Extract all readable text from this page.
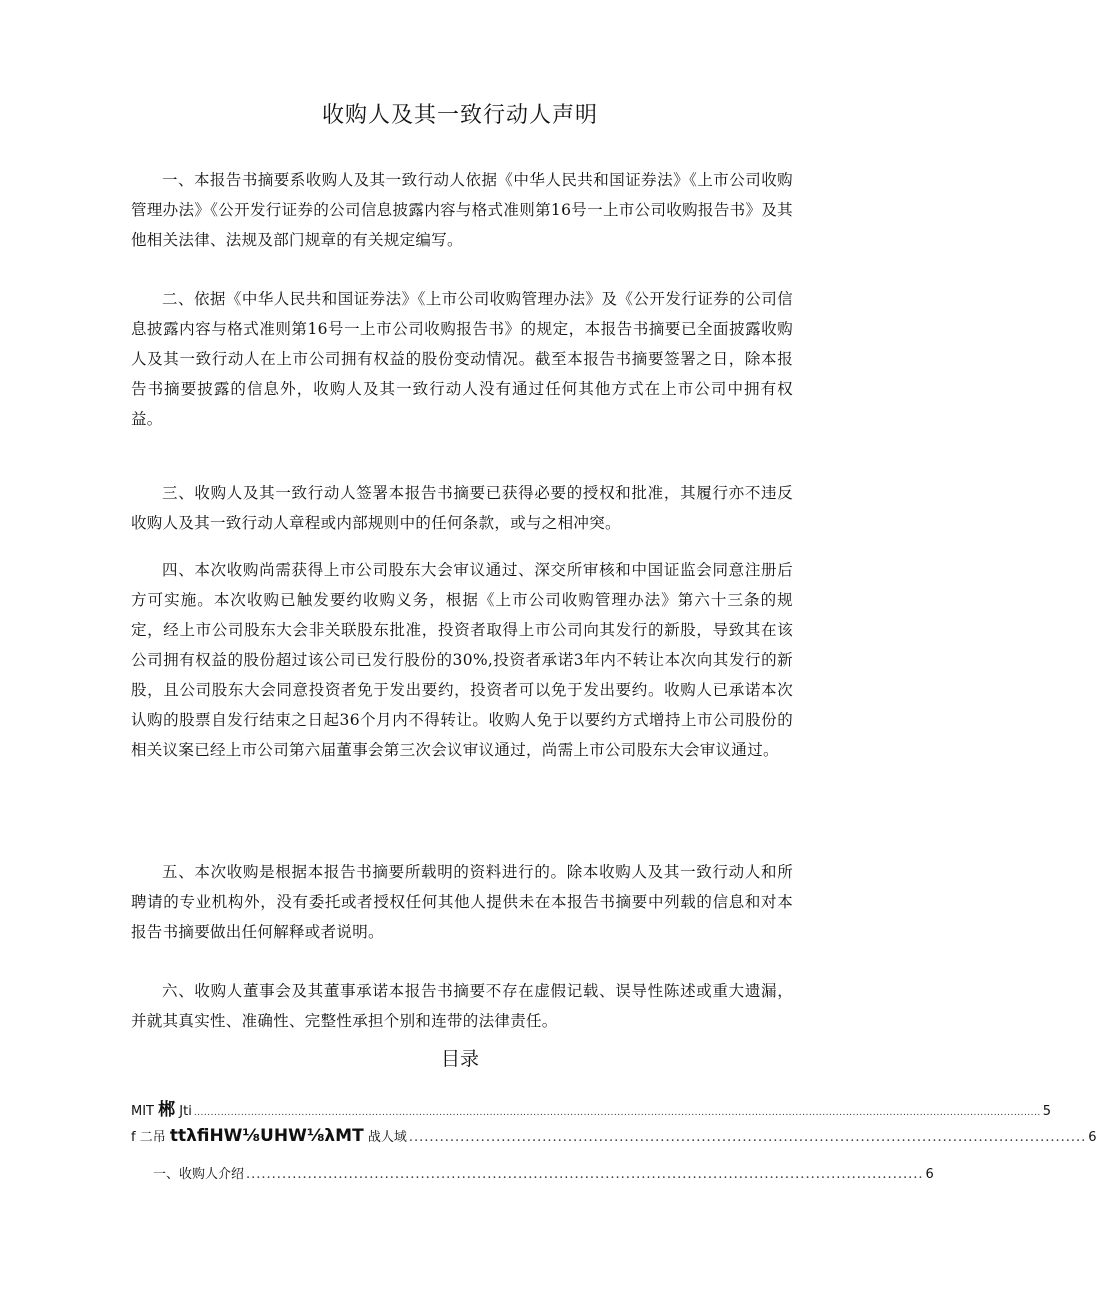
收购人及其一致行动人声明

一、本报告书摘要系收购人及其一致行动人依据《中华人民共和国证券法》《上市公司收购管理办法》《公开发行证券的公司信息披露内容与格式准则第16号一上市公司收购报告书》及其他相关法律、法规及部门规章的有关规定编写。

二、依据《中华人民共和国证券法》《上市公司收购管理办法》及《公开发行证券的公司信息披露内容与格式准则第16号一上市公司收购报告书》的规定，本报告书摘要已全面披露收购人及其一致行动人在上市公司拥有权益的股份变动情况。截至本报告书摘要签署之日，除本报告书摘要披露的信息外，收购人及其一致行动人没有通过任何其他方式在上市公司中拥有权益。

三、收购人及其一致行动人签署本报告书摘要已获得必要的授权和批准，其履行亦不违反收购人及其一致行动人章程或内部规则中的任何条款，或与之相冲突。

四、本次收购尚需获得上市公司股东大会审议通过、深交所审核和中国证监会同意注册后方可实施。本次收购已触发要约收购义务，根据《上市公司收购管理办法》第六十三条的规定，经上市公司股东大会非关联股东批准，投资者取得上市公司向其发行的新股，导致其在该公司拥有权益的股份超过该公司已发行股份的30%,投资者承诺3年内不转让本次向其发行的新股，且公司股东大会同意投资者免于发出要约，投资者可以免于发出要约。收购人已承诺本次认购的股票自发行结束之日起36个月内不得转让。收购人免于以要约方式增持上市公司股份的相关议案已经上市公司第六届董事会第三次会议审议通过，尚需上市公司股东大会审议通过。

五、本次收购是根据本报告书摘要所载明的资料进行的。除本收购人及其一致行动人和所聘请的专业机构外，没有委托或者授权任何其他人提供未在本报告书摘要中列载的信息和对本报告书摘要做出任何解释或者说明。

六、收购人董事会及其董事承诺本报告书摘要不存在虚假记载、误导性陈述或重大遗漏，并就其真实性、准确性、完整性承担个别和连带的法律责任。

目录
MIT 郴 Jti ............................................................................................................................................................................................................................................................ 5
f 二吊 ttλfiHW⅛UHW⅛λMT 战人域 .................................................................................................................................... 6
一、收购人介绍 .................................................................................................................................... 6
